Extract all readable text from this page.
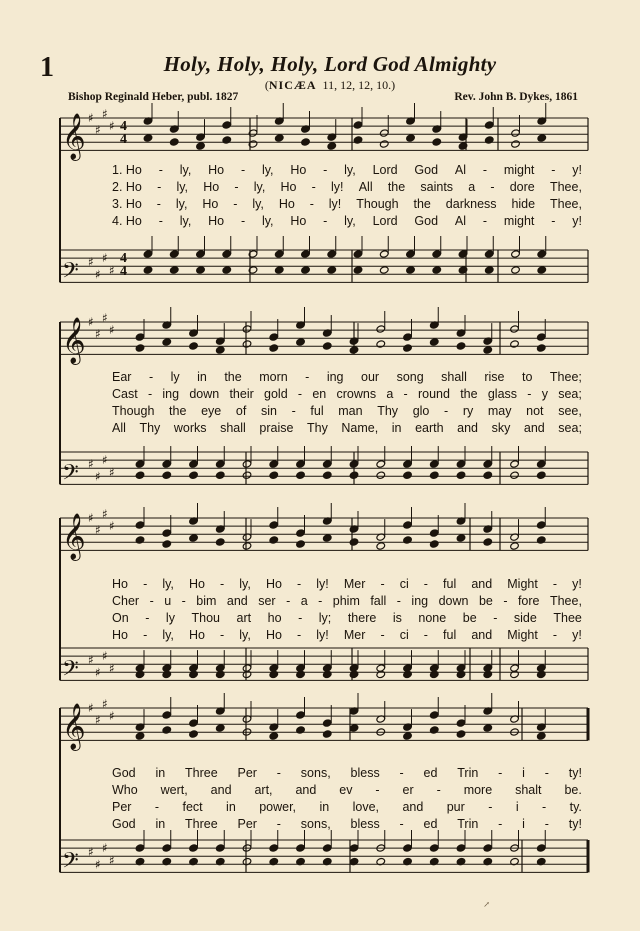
1	Holy, Holy, Holy, Lord God Almighty
(NICÆA 11, 12, 12, 10.)
Bishop Reginald Heber, publ. 1827	Rev. John B. Dykes, 1861
𝄞 ♯
♯
♯
♯
𝄢 ♯
♯
♯
♯
4
4
4
4
𝄞 ♯
♯
♯
♯
𝄢 ♯
♯
♯
♯
𝄞 ♯
♯
♯
♯
𝄢 ♯
♯
♯
♯
𝄞 ♯
♯
♯
♯
𝄢 ♯
♯
♯
♯
1. Ho - ly, Ho - ly, Ho - ly, Lord God Al - might - y!
2. Ho - ly, Ho - ly, Ho - ly! All the saints a - dore Thee,
3. Ho - ly, Ho - ly, Ho - ly! Though the darkness hide Thee,
4. Ho - ly, Ho - ly, Ho - ly, Lord God Al - might - y!
Ear - ly in the morn - ing our song shall rise to Thee;
Cast - ing down their gold - en crowns a - round the glass - y sea;
Though the eye of sin - ful man Thy glo - ry may not see,
All Thy works shall praise Thy Name, in earth and sky and sea;
Ho - ly, Ho - ly, Ho - ly! Mer - ci - ful and Might - y!
Cher - u - bim and ser - a - phim fall - ing down be - fore Thee,
On - ly Thou art ho - ly; there is none be - side Thee
Ho - ly, Ho - ly, Ho - ly! Mer - ci - ful and Might - y!
God in Three Per - sons, bless - ed Trin - i - ty!
Who wert, and art, and ev - er - more shalt be.
Per - fect in power, in love, and pur - i - ty.
God in Three Per - sons, bless - ed Trin - i - ty!
↗
